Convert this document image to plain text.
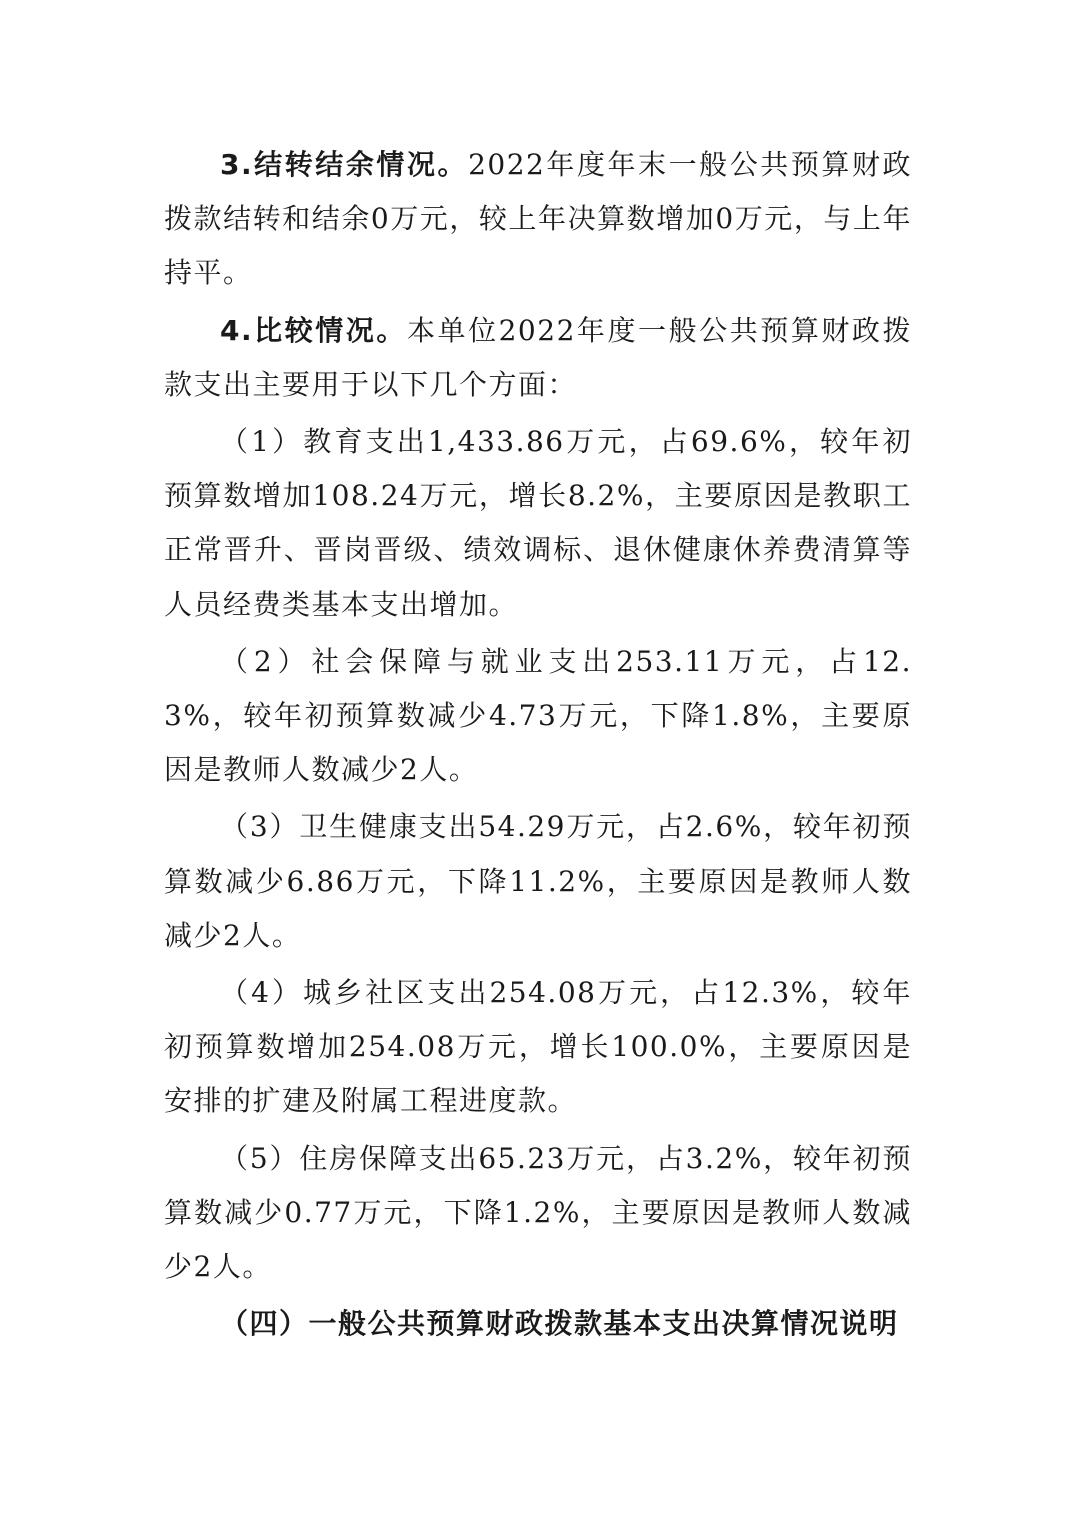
3.结转结余情况。2022年度年末一般公共预算财政拨款结转和结余0万元，较上年决算数增加0万元，与上年持平。

4.比较情况。本单位2022年度一般公共预算财政拨款支出主要用于以下几个方面：

（1）教育支出1,433.86万元，占69.6%，较年初预算数增加108.24万元，增长8.2%，主要原因是教职工正常晋升、晋岗晋级、绩效调标、退休健康休养费清算等人员经费类基本支出增加。

（2）社会保障与就业支出253.11万元，占12.3%，较年初预算数减少4.73万元，下降1.8%，主要原因是教师人数减少2人。

（3）卫生健康支出54.29万元，占2.6%，较年初预算数减少6.86万元，下降11.2%，主要原因是教师人数减少2人。

（4）城乡社区支出254.08万元，占12.3%，较年初预算数增加254.08万元，增长100.0%，主要原因是安排的扩建及附属工程进度款。

（5）住房保障支出65.23万元，占3.2%，较年初预算数减少0.77万元，下降1.2%，主要原因是教师人数减少2人。

（四）一般公共预算财政拨款基本支出决算情况说明
